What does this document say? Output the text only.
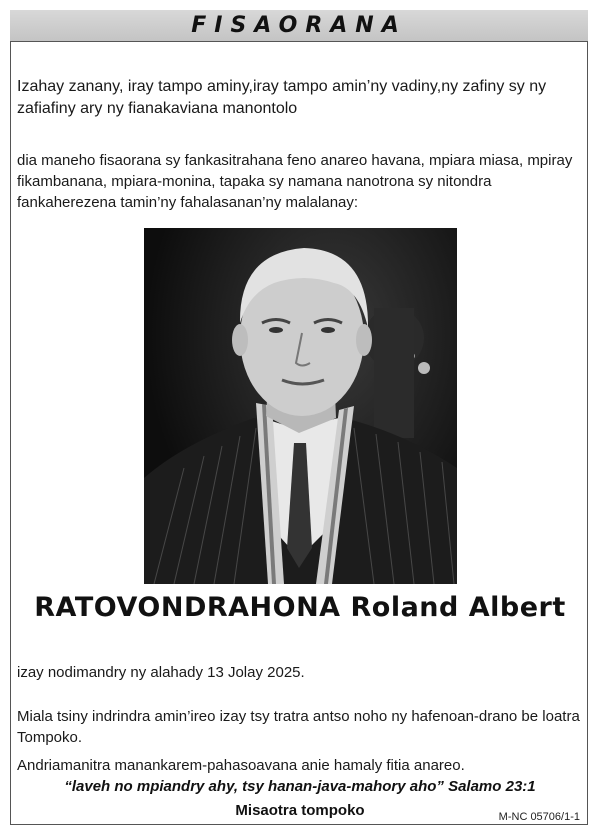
FISAORANA
Izahay zanany, iray tampo aminy,iray tampo amin’ny vadiny,ny zafiny sy ny zafiafiny ary ny fianakaviana manontolo
dia maneho fisaorana sy fankasitrahana feno anareo havana, mpiara miasa, mpiray fikambanana, mpiara-monina, tapaka sy namana nanotrona sy nitondra fankaherezena tamin’ny fahalasanan’ny malalanay:
RATOVONDRAHONA Roland Albert
izay nodimandry ny alahady 13 Jolay 2025.
Miala tsiny indrindra amin’ireo izay tsy tratra antso noho ny hafenoan-drano be loatra Tompoko.
Andriamanitra manankarem-pahasoavana anie hamaly fitia anareo.
“laveh no mpiandry ahy, tsy hanan-java-mahory aho” Salamo 23:1
Misaotra tompoko	M-NC 05706/1-1
